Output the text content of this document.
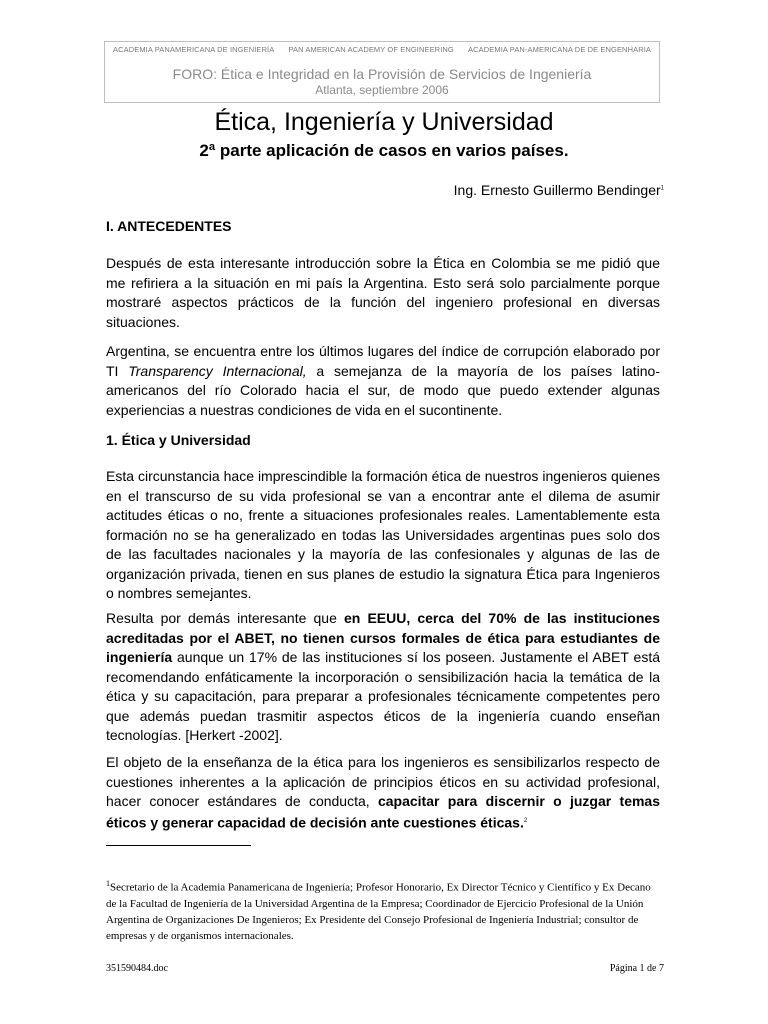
ACADEMIA PANAMERICANA DE INGENIERÍA PAN AMERICAN ACADEMY OF ENGINEERING ACADEMIA PAN-AMERICANA DE DE ENGENHARIA
FORO: Ética e Integridad en la Provisión de Servicios de Ingeniería
Atlanta, septiembre 2006
Ética, Ingeniería y Universidad
2ª parte aplicación de casos en varios países.
Ing. Ernesto Guillermo Bendinger$^1$
I. ANTECEDENTES

Después de esta interesante introducción sobre la Ética en Colombia se me pidió que me refiriera a la situación en mi país la Argentina. Esto será solo parcialmente porque mostraré aspectos prácticos de la función del ingeniero profesional en diversas situaciones.

Argentina, se encuentra entre los últimos lugares del índice de corrupción elaborado por TI Transparency Internacional, a semejanza de la mayoría de los países latino-americanos del río Colorado hacia el sur, de modo que puedo extender algunas experiencias a nuestras condiciones de vida en el sucontinente.

1. Ética y Universidad

Esta circunstancia hace imprescindible la formación ética de nuestros ingenieros quienes en el transcurso de su vida profesional se van a encontrar ante el dilema de asumir actitudes éticas o no, frente a situaciones profesionales reales. Lamentablemente esta formación no se ha generalizado en todas las Universidades argentinas pues solo dos de las facultades nacionales y la mayoría de las confesionales y algunas de las de organización privada, tienen en sus planes de estudio la signatura Ética para Ingenieros o nombres semejantes.

Resulta por demás interesante que en EEUU, cerca del 70% de las instituciones acreditadas por el ABET, no tienen cursos formales de ética para estudiantes de ingeniería aunque un 17% de las instituciones sí los poseen. Justamente el ABET está recomendando enfáticamente la incorporación o sensibilización hacia la temática de la ética y su capacitación, para preparar a profesionales técnicamente competentes pero que además puedan trasmitir aspectos éticos de la ingeniería cuando enseñan tecnologías. [Herkert -2002].

El objeto de la enseñanza de la ética para los ingenieros es sensibilizarlos respecto de cuestiones inherentes a la aplicación de principios éticos en su actividad profesional, hacer conocer estándares de conducta, capacitar para discernir o juzgar temas éticos y generar capacidad de decisión ante cuestiones éticas.$^2$

$^1$Secretario de la Academia Panamericana de Ingeniería; Profesor Honorario, Ex Director Técnico y Científico y Ex Decano de la Facultad de Ingeniería de la Universidad Argentina de la Empresa; Coordinador de Ejercicio Profesional de la Unión Argentina de Organizaciones De Ingenieros; Ex Presidente del Consejo Profesional de Ingeniería Industrial; consultor de empresas y de organismos internacionales.

351590484.doc	Página 1 de 7
